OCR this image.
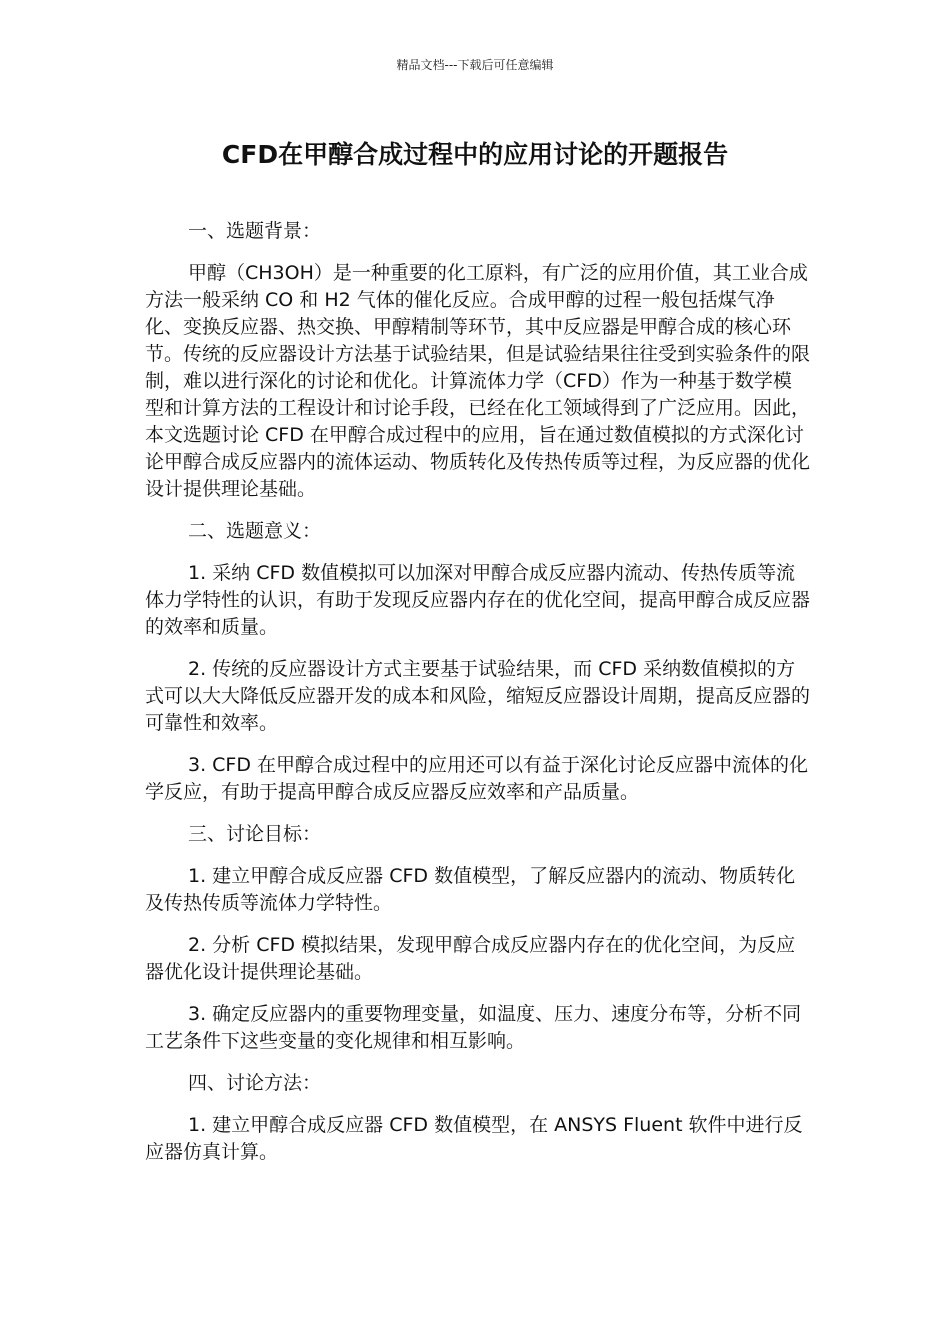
精品文档---下载后可任意编辑
CFD在甲醇合成过程中的应用讨论的开题报告

一、选题背景：

甲醇（CH3OH）是一种重要的化工原料，有广泛的应用价值，其工业合成方法一般采纳 CO 和 H2 气体的催化反应。合成甲醇的过程一般包括煤气净化、变换反应器、热交换、甲醇精制等环节，其中反应器是甲醇合成的核心环节。传统的反应器设计方法基于试验结果，但是试验结果往往受到实验条件的限制，难以进行深化的讨论和优化。计算流体力学（CFD）作为一种基于数学模型和计算方法的工程设计和讨论手段，已经在化工领域得到了广泛应用。因此，本文选题讨论 CFD 在甲醇合成过程中的应用，旨在通过数值模拟的方式深化讨论甲醇合成反应器内的流体运动、物质转化及传热传质等过程，为反应器的优化设计提供理论基础。

二、选题意义：

1. 采纳 CFD 数值模拟可以加深对甲醇合成反应器内流动、传热传质等流体力学特性的认识，有助于发现反应器内存在的优化空间，提高甲醇合成反应器的效率和质量。

2. 传统的反应器设计方式主要基于试验结果，而 CFD 采纳数值模拟的方式可以大大降低反应器开发的成本和风险，缩短反应器设计周期，提高反应器的可靠性和效率。

3. CFD 在甲醇合成过程中的应用还可以有益于深化讨论反应器中流体的化学反应，有助于提高甲醇合成反应器反应效率和产品质量。

三、讨论目标：

1. 建立甲醇合成反应器 CFD 数值模型，了解反应器内的流动、物质转化及传热传质等流体力学特性。

2. 分析 CFD 模拟结果，发现甲醇合成反应器内存在的优化空间，为反应器优化设计提供理论基础。

3. 确定反应器内的重要物理变量，如温度、压力、速度分布等，分析不同工艺条件下这些变量的变化规律和相互影响。

四、讨论方法：

1. 建立甲醇合成反应器 CFD 数值模型，在 ANSYS Fluent 软件中进行反应器仿真计算。
